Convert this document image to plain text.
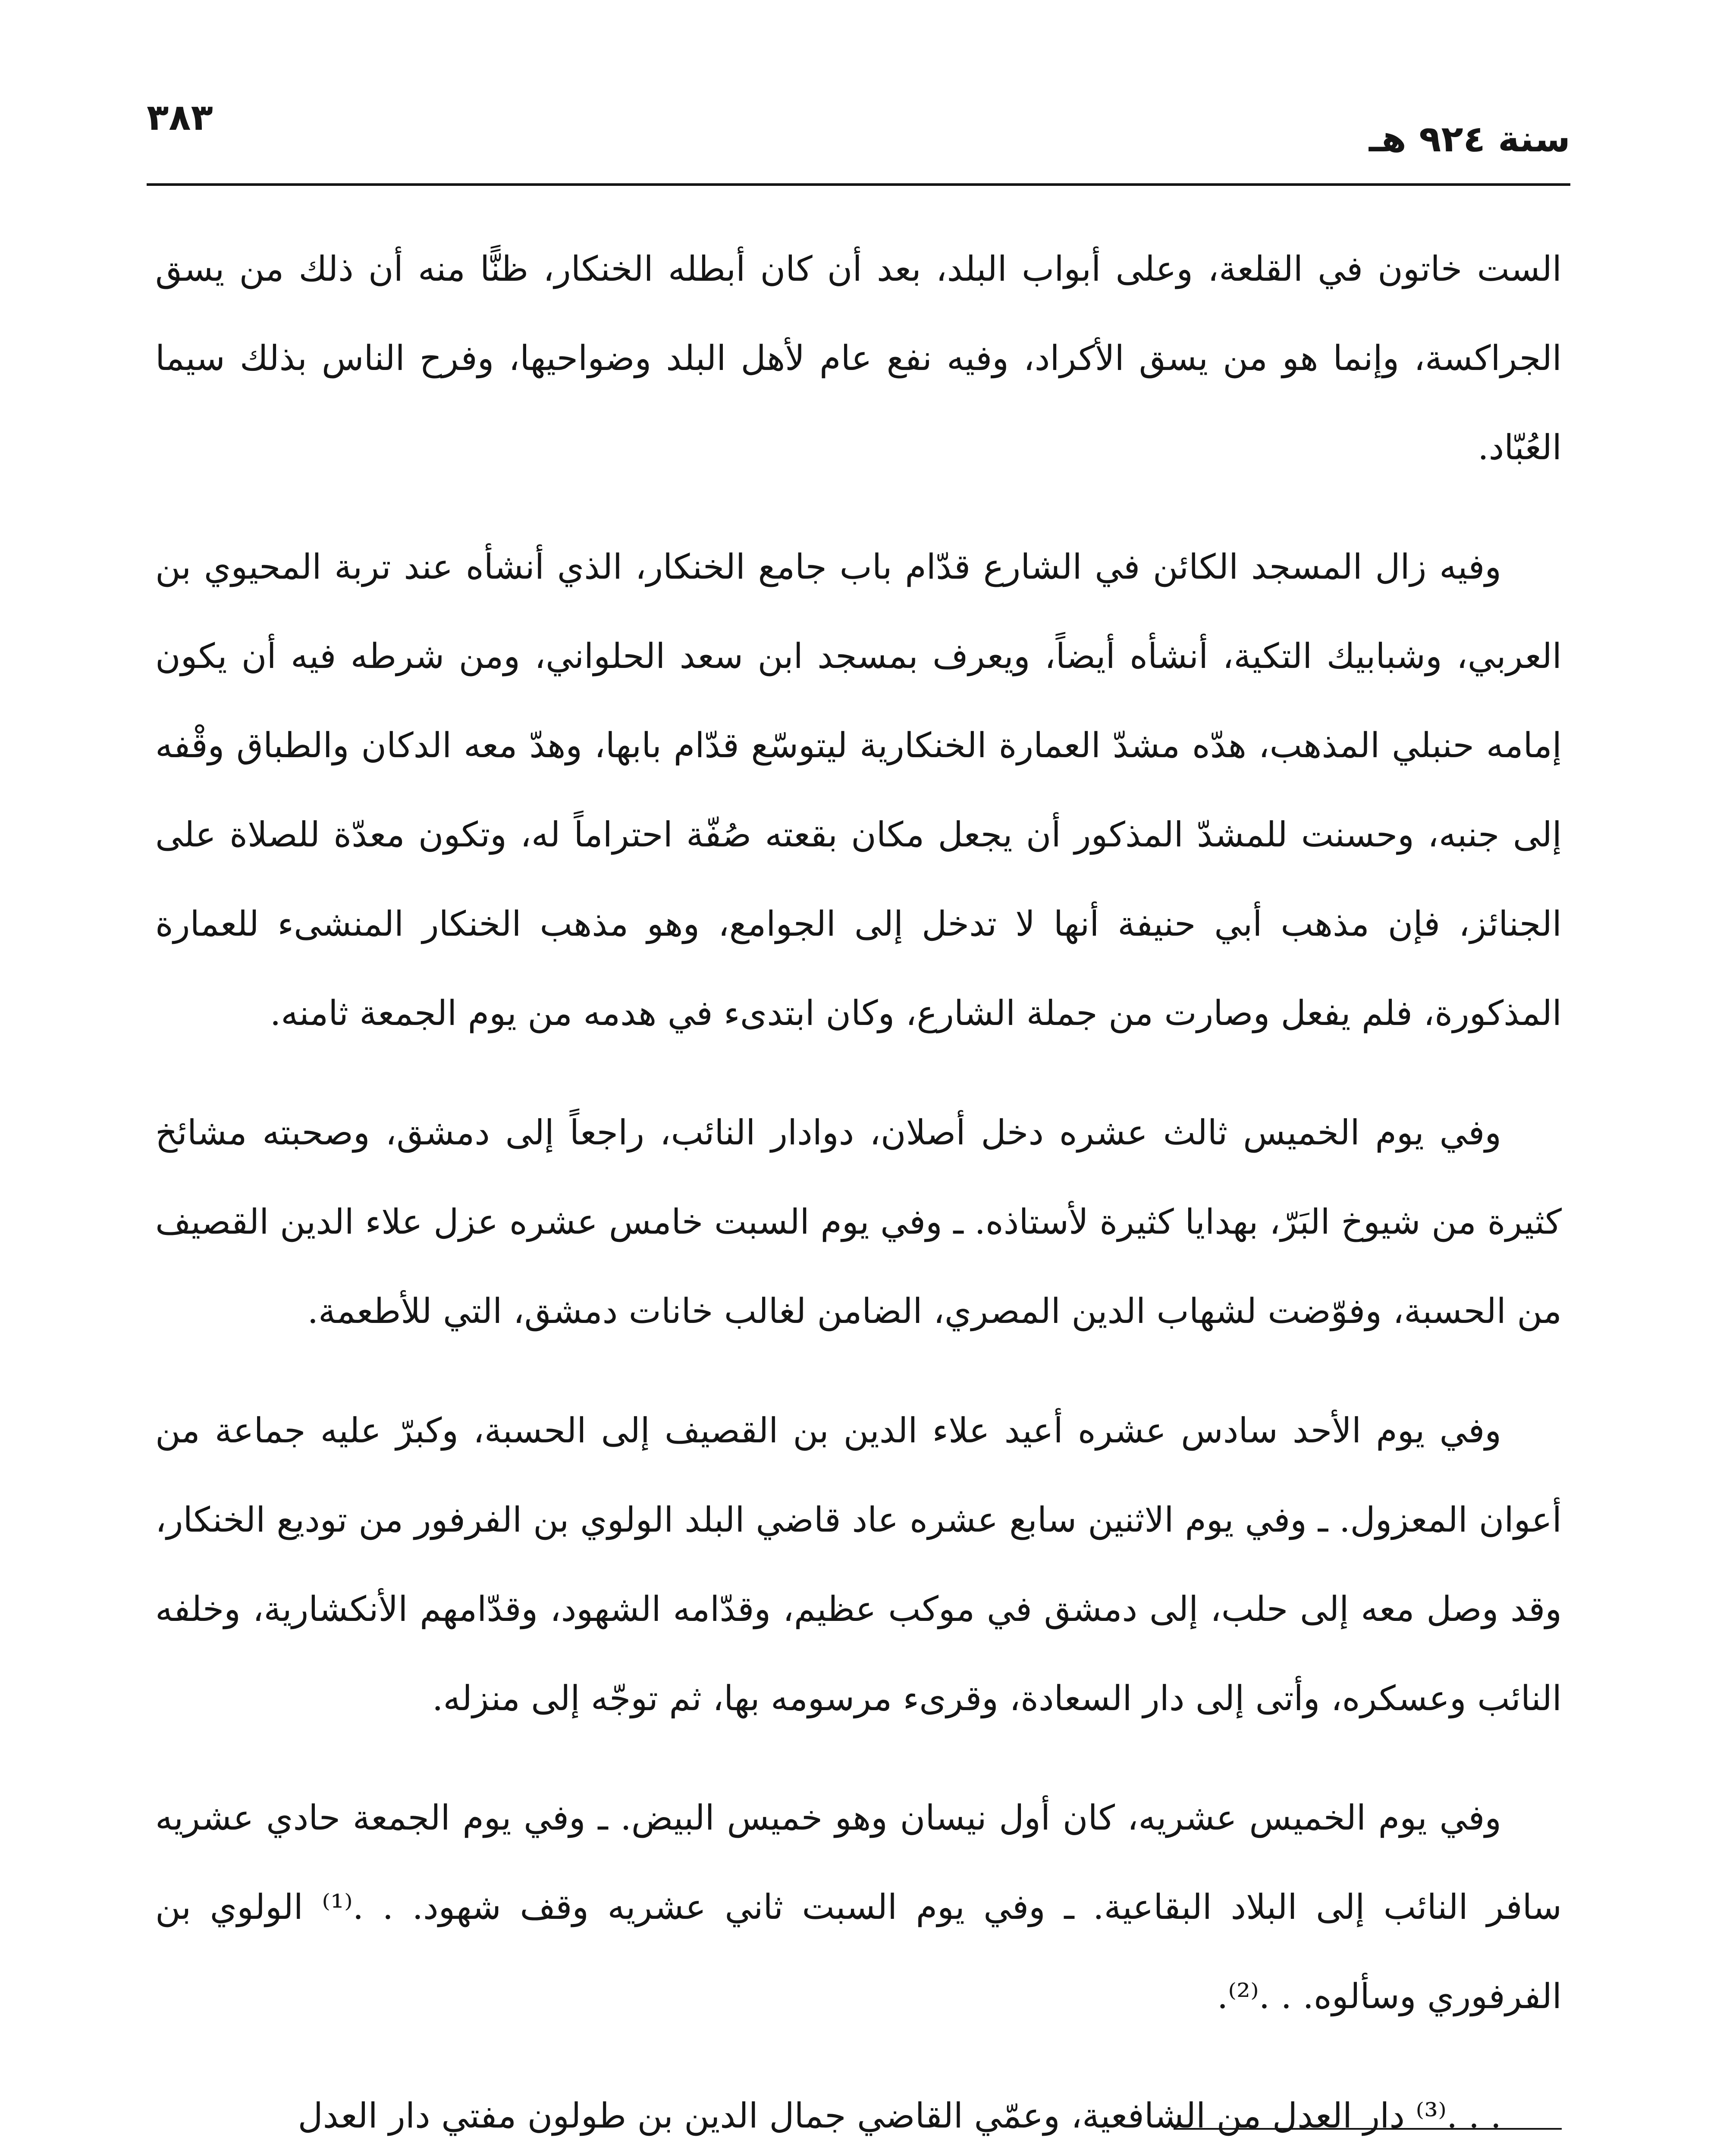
سنة ٩٢٤ هـ
٣٨٣

الست خاتون في القلعة، وعلى أبواب البلد، بعد أن كان أبطله الخنكار، ظنًّا منه أن ذلك من يسق الجراكسة، وإنما هو من يسق الأكراد، وفيه نفع عام لأهل البلد وضواحيها، وفرح الناس بذلك سيما العُبّاد.

وفيه زال المسجد الكائن في الشارع قدّام باب جامع الخنكار، الذي أنشأه عند تربة المحيوي بن العربي، وشبابيك التكية، أنشأه أيضاً، ويعرف بمسجد ابن سعد الحلواني، ومن شرطه فيه أن يكون إمامه حنبلي المذهب، هدّه مشدّ العمارة الخنكارية ليتوسّع قدّام بابها، وهدّ معه الدكان والطباق وقْفه إلى جنبه، وحسنت للمشدّ المذكور أن يجعل مكان بقعته صُفّة احتراماً له، وتكون معدّة للصلاة على الجنائز، فإن مذهب أبي حنيفة أنها لا تدخل إلى الجوامع، وهو مذهب الخنكار المنشىء للعمارة المذكورة، فلم يفعل وصارت من جملة الشارع، وكان ابتدىء في هدمه من يوم الجمعة ثامنه.

وفي يوم الخميس ثالث عشره دخل أصلان، دوادار النائب، راجعاً إلى دمشق، وصحبته مشائخ كثيرة من شيوخ البَرّ، بهدايا كثيرة لأستاذه. ـ وفي يوم السبت خامس عشره عزل علاء الدين القصيف من الحسبة، وفوّضت لشهاب الدين المصري، الضامن لغالب خانات دمشق، التي للأطعمة.

وفي يوم الأحد سادس عشره أعيد علاء الدين بن القصيف إلى الحسبة، وكبرّ عليه جماعة من أعوان المعزول. ـ وفي يوم الاثنين سابع عشره عاد قاضي البلد الولوي بن الفرفور من توديع الخنكار، وقد وصل معه إلى حلب، إلى دمشق في موكب عظيم، وقدّامه الشهود، وقدّامهم الأنكشارية، وخلفه النائب وعسكره، وأتى إلى دار السعادة، وقرىء مرسومه بها، ثم توجّه إلى منزله.

وفي يوم الخميس عشريه، كان أول نيسان وهو خميس البيض. ـ وفي يوم الجمعة حادي عشريه سافر النائب إلى البلاد البقاعية. ـ وفي يوم السبت ثاني عشريه وقف شهود. . .⁽¹⁾ الولوي بن الفرفوري وسألوه. . .⁽²⁾.

. . .⁽³⁾ دار العدل من الشافعية، وعمّي القاضي جمال الدين بن طولون مفتي دار العدل
